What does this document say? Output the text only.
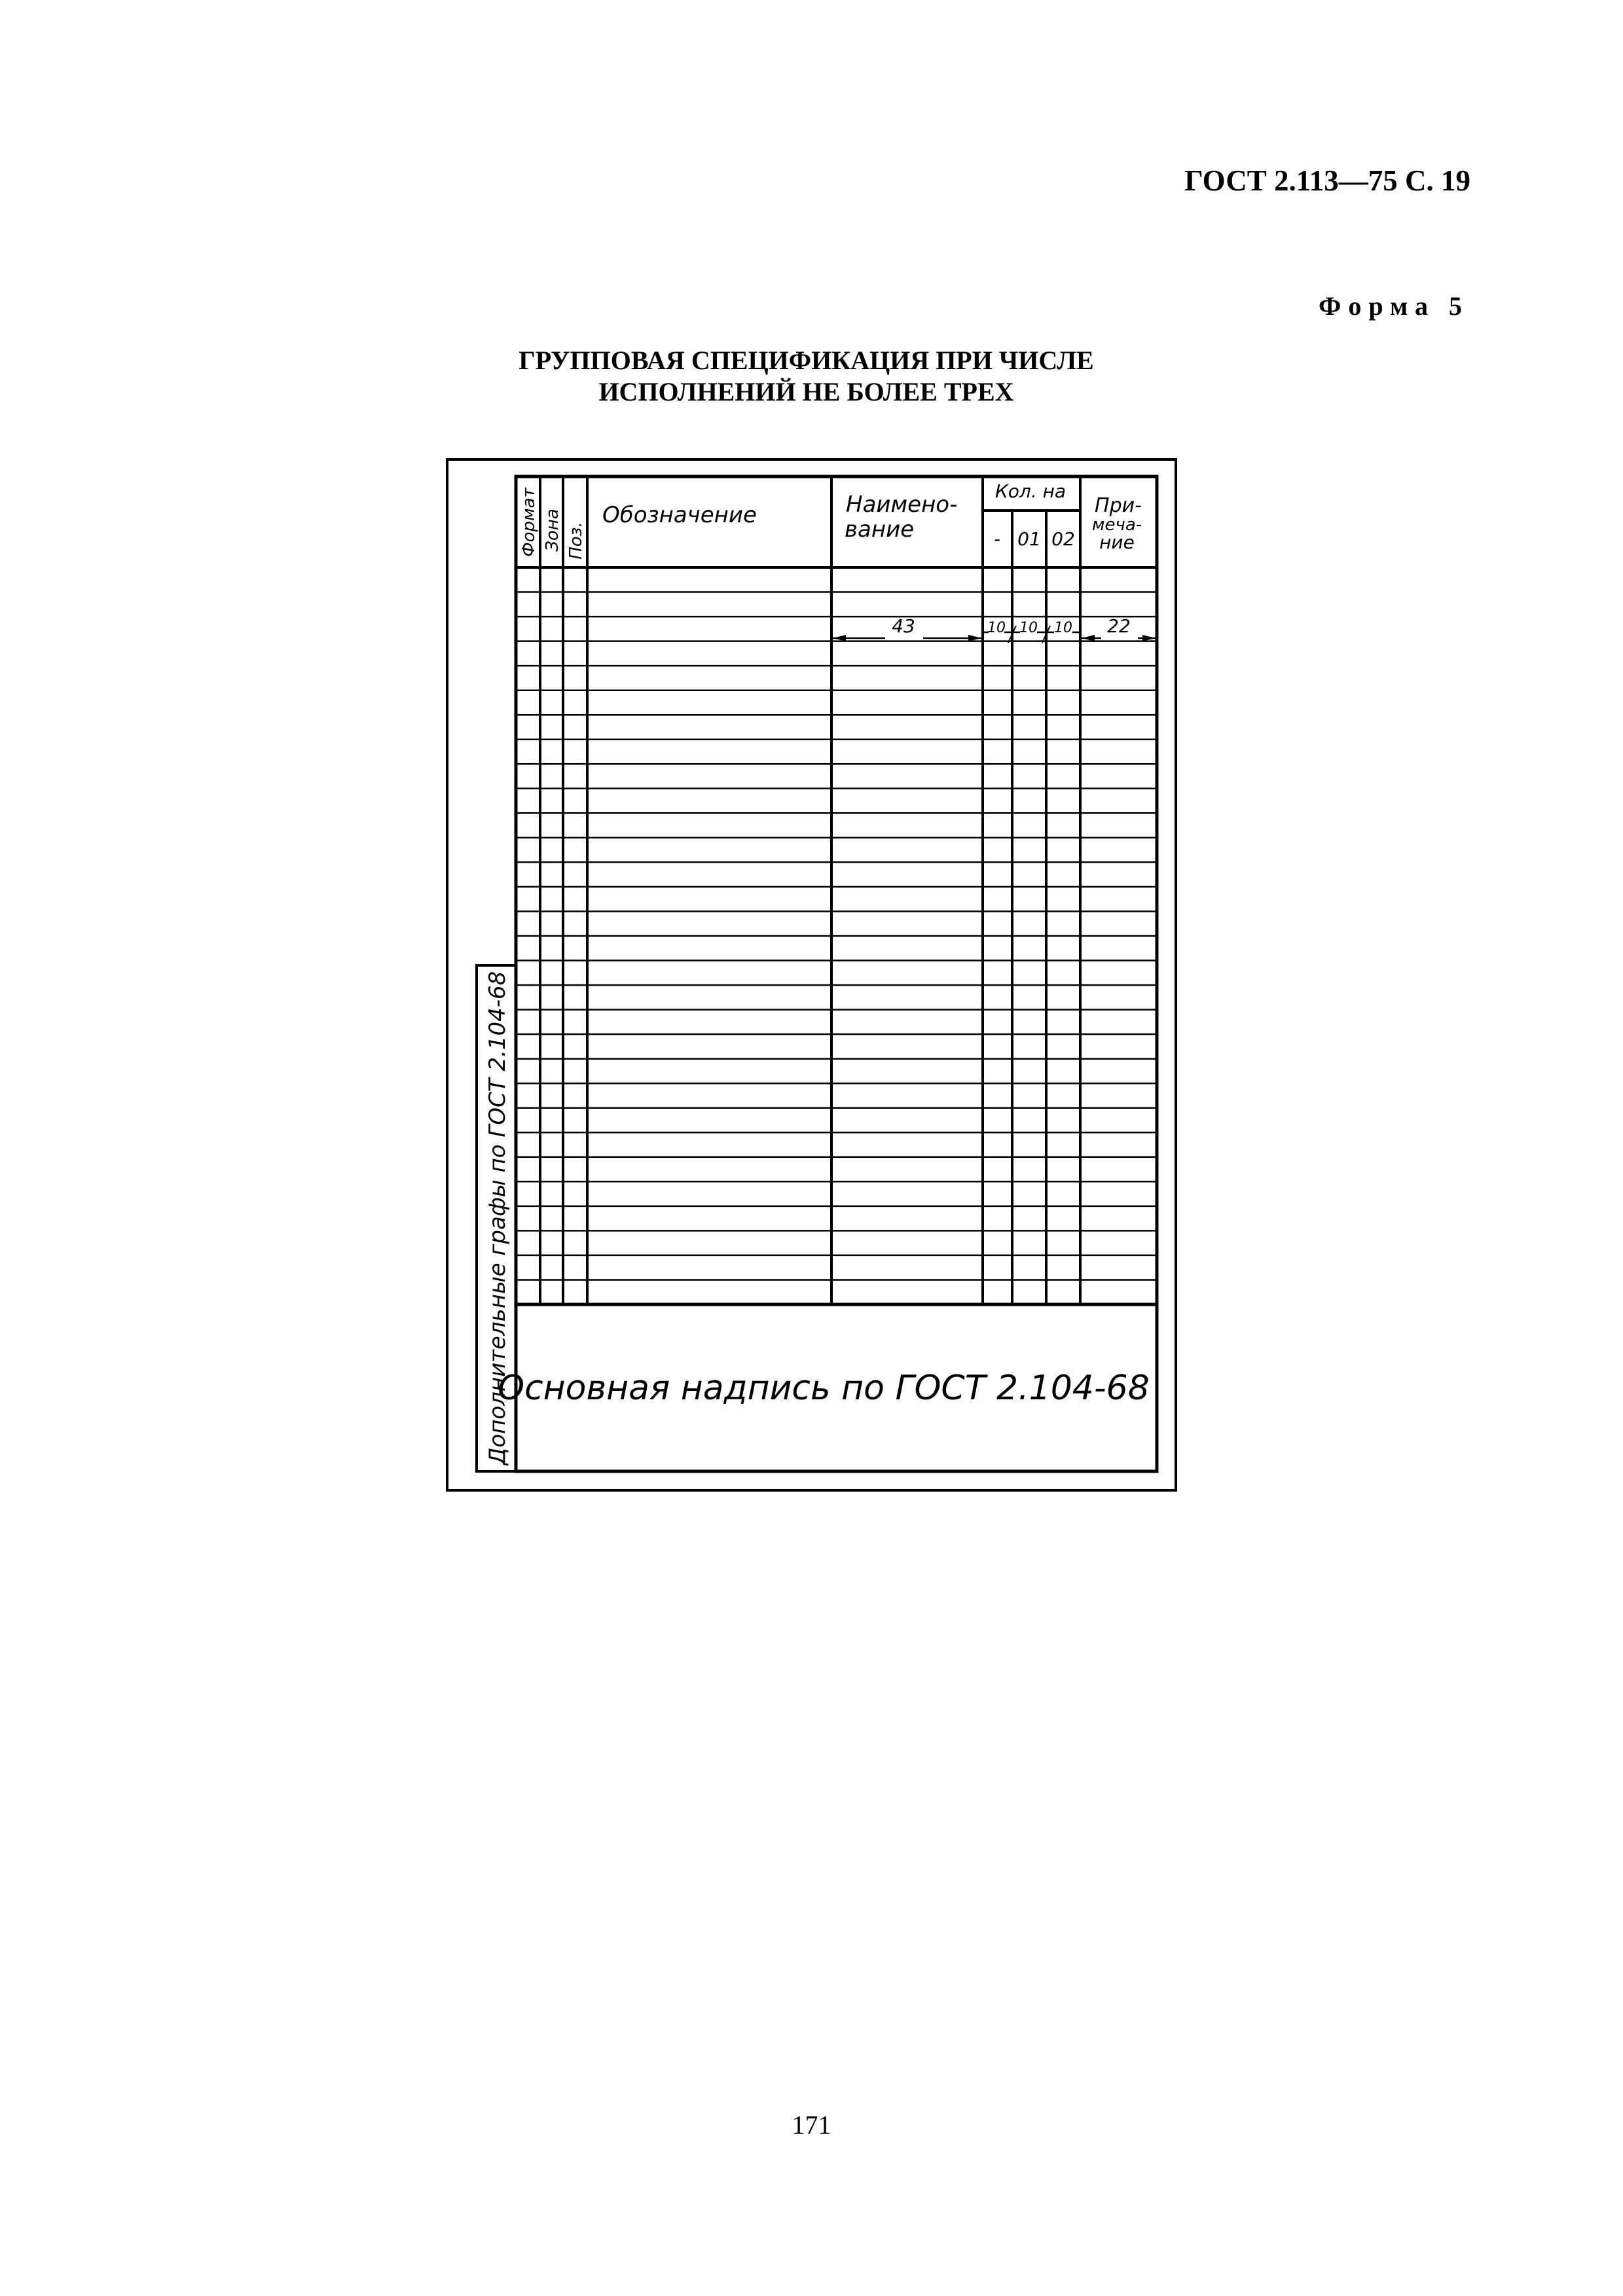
ГОСТ 2.113—75 С. 19
Форма 5
ГРУППОВАЯ СПЕЦИФИКАЦИЯ ПРИ ЧИСЛЕ
ИСПОЛНЕНИЙ НЕ БОЛЕЕ ТРЕХ
Дополнительные графы по ГОСТ 2.104-68
Формат Зона Поз.
Обозначение	Наимено-
вание
Кол. на
- 01 02
При-
меча-
ние
43	10 10 10 22
Основная надпись по ГОСТ 2.104-68
171
